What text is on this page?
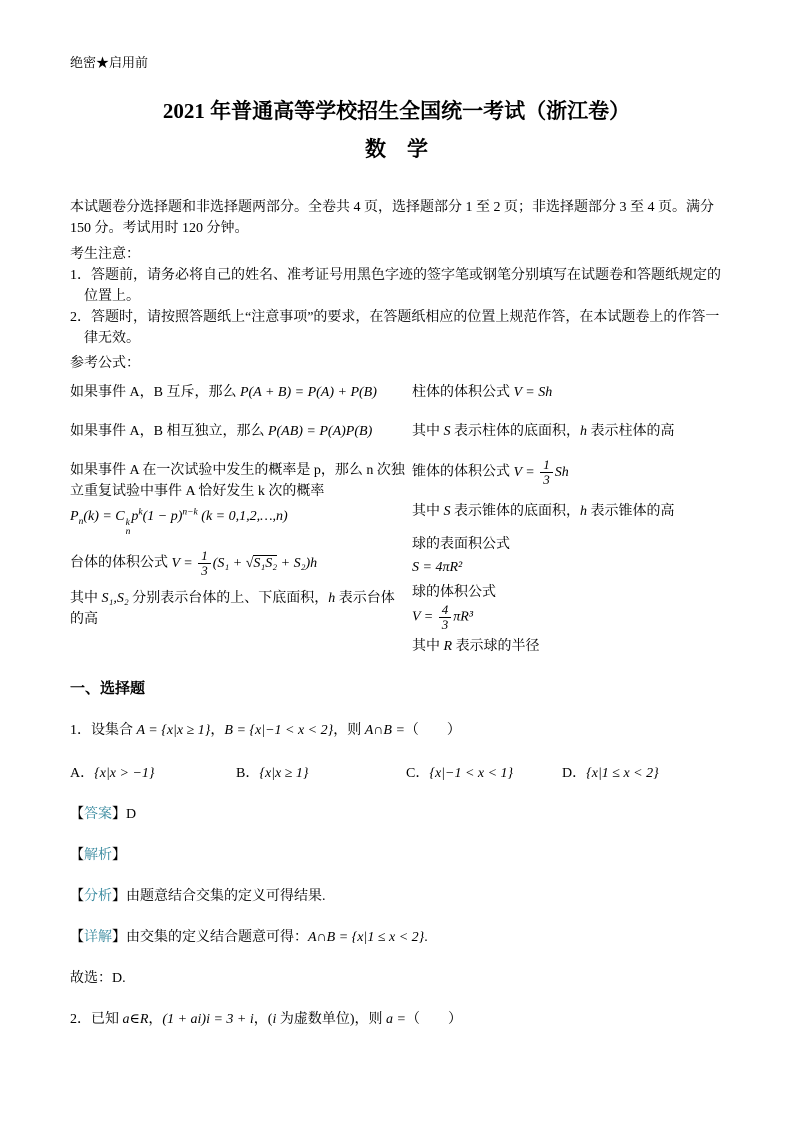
绝密★启用前

2021 年普通高等学校招生全国统一考试（浙江卷）

数　学

本试题卷分选择题和非选择题两部分。全卷共 4 页，选择题部分 1 至 2 页；非选择题部分 3 至 4 页。满分 150 分。考试用时 120 分钟。

考生注意：

1．答题前，请务必将自己的姓名、准考证号用黑色字迹的签字笔或钢笔分别填写在试题卷和答题纸规定的位置上。

2．答题时，请按照答题纸上“注意事项”的要求，在答题纸相应的位置上规范作答，在本试题卷上的作答一律无效。

参考公式：

如果事件 A，B 互斥，那么 P(A + B) = P(A) + P(B)

如果事件 A，B 相互独立，那么 P(AB) = P(A)P(B)

如果事件 A 在一次试验中发生的概率是 p，那么 n 次独立重复试验中事件 A 恰好发生 k 次的概率

$P_n(k) = C$ k
n
$p^k(1 - p)^{n-k}$ (k = 0,1,2,…,n)

台体的体积公式 $V = \frac{1}{3} (S_1 + √S_1S_2 + S_2)h$

其中 S₁,S₂ 分别表示台体的上、下底面积，h 表示台体的高

柱体的体积公式 V = Sh

其中 S 表示柱体的底面积，h 表示柱体的高

锥体的体积公式 $V = \frac{1}{3}$ Sh

其中 S 表示锥体的底面积，h 表示锥体的高

球的表面积公式

S = 4πR²

球的体积公式

$V = \frac{4}{3} \pi R^3$

其中 R 表示球的半径

一、选择题

1．设集合 A = {x|x ≥ 1}，B = {x|−1 < x < 2}，则 A∩B =（　　）

A．{x|x > −1}	B．{x|x ≥ 1}	C．{x|−1 < x < 1}	D．{x|1 ≤ x < 2}

【答案】D

【解析】

【分析】由题意结合交集的定义可得结果.

【详解】由交集的定义结合题意可得：A∩B = {x|1 ≤ x < 2}.

故选：D.

2．已知 a∈R，(1 + ai)i = 3 + i，(i 为虚数单位)，则 a =（　　）
